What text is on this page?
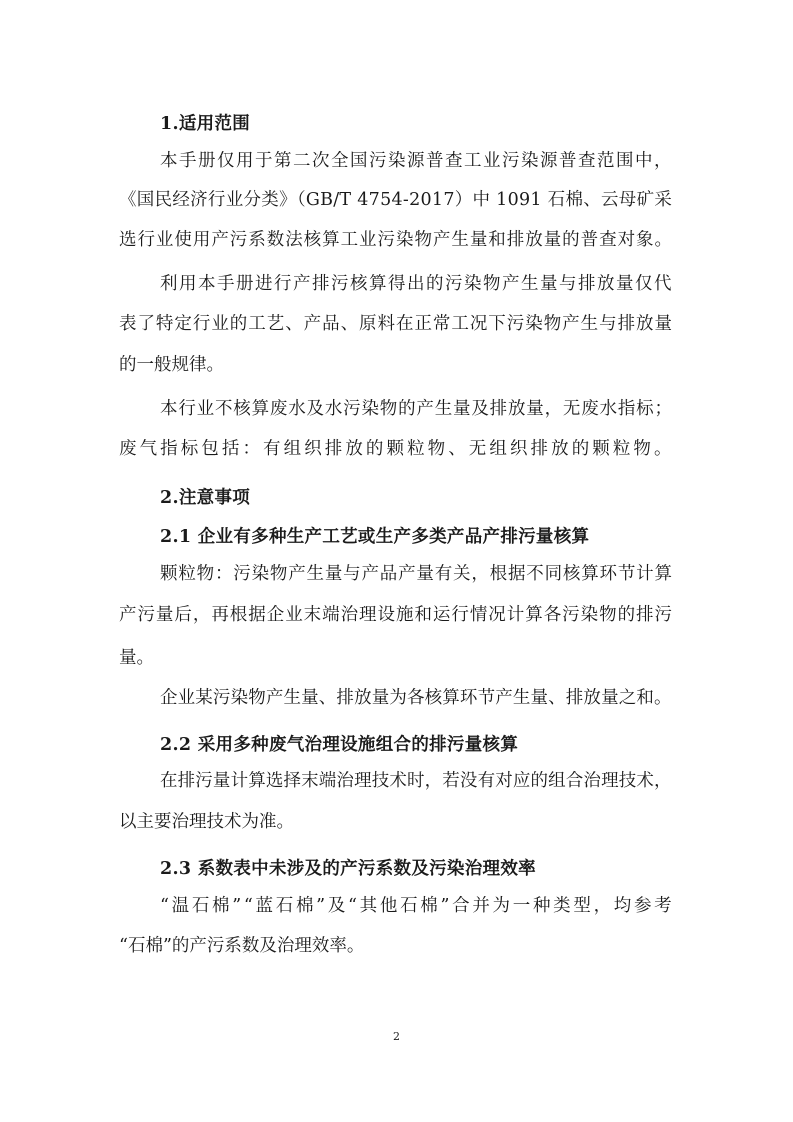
1.适用范围
本手册仅用于第二次全国污染源普查工业污染源普查范围中，
《国民经济行业分类》（GB/T 4754-2017）中 1091 石棉、云母矿采
选行业使用产污系数法核算工业污染物产生量和排放量的普查对象。
利用本手册进行产排污核算得出的污染物产生量与排放量仅代
表了特定行业的工艺、产品、原料在正常工况下污染物产生与排放量
的一般规律。
本行业不核算废水及水污染物的产生量及排放量，无废水指标；
废气指标包括：有组织排放的颗粒物、无组织排放的颗粒物。
2.注意事项
2.1 企业有多种生产工艺或生产多类产品产排污量核算
颗粒物：污染物产生量与产品产量有关，根据不同核算环节计算
产污量后，再根据企业末端治理设施和运行情况计算各污染物的排污
量。
企业某污染物产生量、排放量为各核算环节产生量、排放量之和。
2.2 采用多种废气治理设施组合的排污量核算
在排污量计算选择末端治理技术时，若没有对应的组合治理技术，
以主要治理技术为准。
2.3 系数表中未涉及的产污系数及污染治理效率
“温石棉”“蓝石棉”及“其他石棉”合并为一种类型，均参考
“石棉”的产污系数及治理效率。
2
